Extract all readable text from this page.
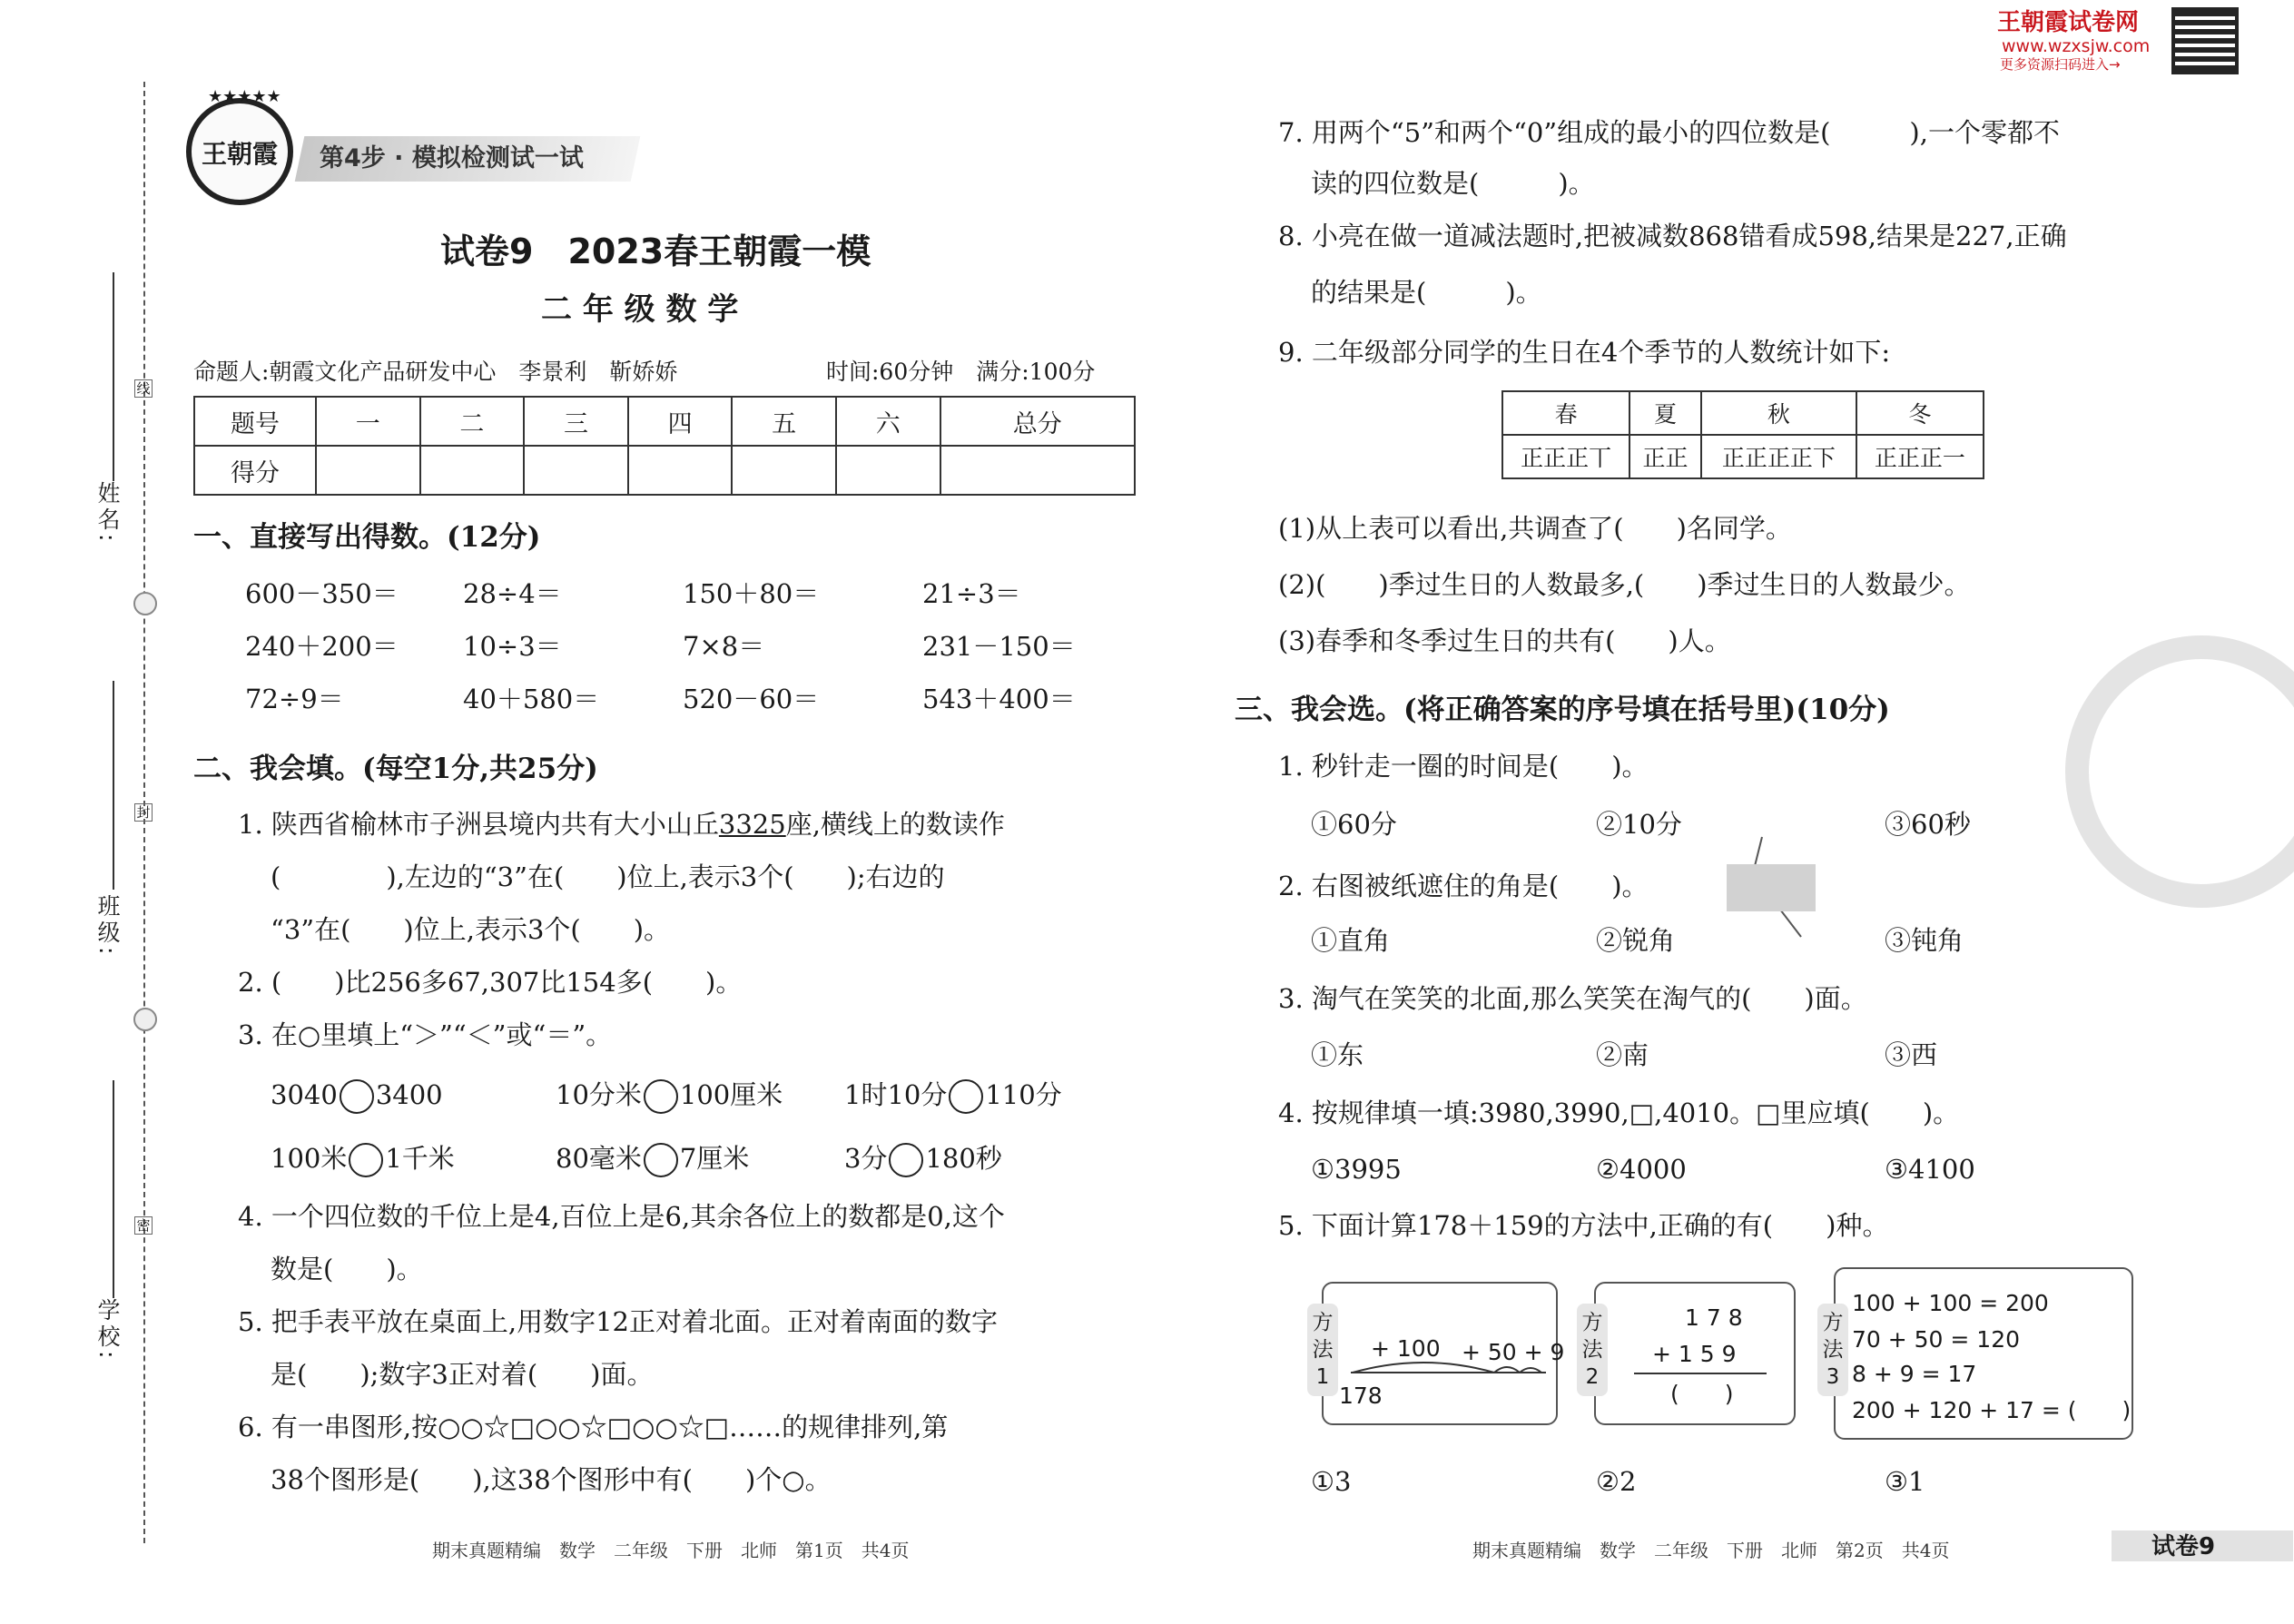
姓名:
班级:
学校:
线
封
密
王朝霞
★★★★★
第4步 · 模拟检测试一试
试卷9　2023春王朝霞一模
二 年 级 数 学
命题人:朝霞文化产品研发中心　李景利　靳娇娇	时间:60分钟　满分:100分
题号	一	二	三	四	五	六	总分
得分							
一、直接写出得数。(12分)
600－350＝ 28÷4＝	150＋80＝	21÷3＝
240＋200＝ 10÷3＝	7×8＝	231－150＝
72÷9＝	40＋580＝	520－60＝	543＋400＝
二、我会填。(每空1分,共25分)
1. 陕西省榆林市子洲县境内共有大小山丘3325座,横线上的数读作
(　　　　),左边的“3”在(　　)位上,表示3个(　　);右边的
“3”在(　　)位上,表示3个(　　)。
2. (　　)比256多67,307比154多(　　)。
3. 在○里填上“＞”“＜”或“＝”。
3040 3400	10分米 100厘米 1时10分 110分
100米 1千米	80毫米 7厘米	3分 180秒
4. 一个四位数的千位上是4,百位上是6,其余各位上的数都是0,这个
数是(　　)。
5. 把手表平放在桌面上,用数字12正对着北面。正对着南面的数字
是(　　);数字3正对着(　　)面。
6. 有一串图形,按○○☆□○○☆□○○☆□……的规律排列,第
38个图形是(　　),这38个图形中有(　　)个○。
王朝霞试卷网
www.wzxsjw.com
更多资源扫码进入→
7. 用两个“5”和两个“0”组成的最小的四位数是(　　　),一个零都不
读的四位数是(　　　)。
8. 小亮在做一道减法题时,把被减数868错看成598,结果是227,正确
的结果是(　　　)。
9. 二年级部分同学的生日在4个季节的人数统计如下:
春	夏	秋	冬
正正正丅	正正	正正正正下	正正正一
(1)从上表可以看出,共调查了(　　)名同学。
(2)(　　)季过生日的人数最多,(　　)季过生日的人数最少。
(3)春季和冬季过生日的共有(　　)人。
三、我会选。(将正确答案的序号填在括号里)(10分)
1. 秒针走一圈的时间是(　　)。
①60分	②10分	③60秒
2. 右图被纸遮住的角是(　　)。
①直角	②锐角	③钝角
3. 淘气在笑笑的北面,那么笑笑在淘气的(　　)面。
①东	②南	③西
4. 按规律填一填:3980,3990,□,4010。□里应填(　　)。
①3995	②4000	③4100
5. 下面计算178＋159的方法中,正确的有(　　)种。
方法1
+ 100 + 50 + 9
178
方法2
1 7 8
+ 1 5 9
(　　)
方法3
100 + 100 = 200
70 + 50 = 120
8 + 9 = 17
200 + 120 + 17 = (　　)
①3	②2	③1
期末真题精编　数学　二年级　下册　北师　第1页　共4页	期末真题精编　数学　二年级　下册　北师　第2页　共4页	试卷9
